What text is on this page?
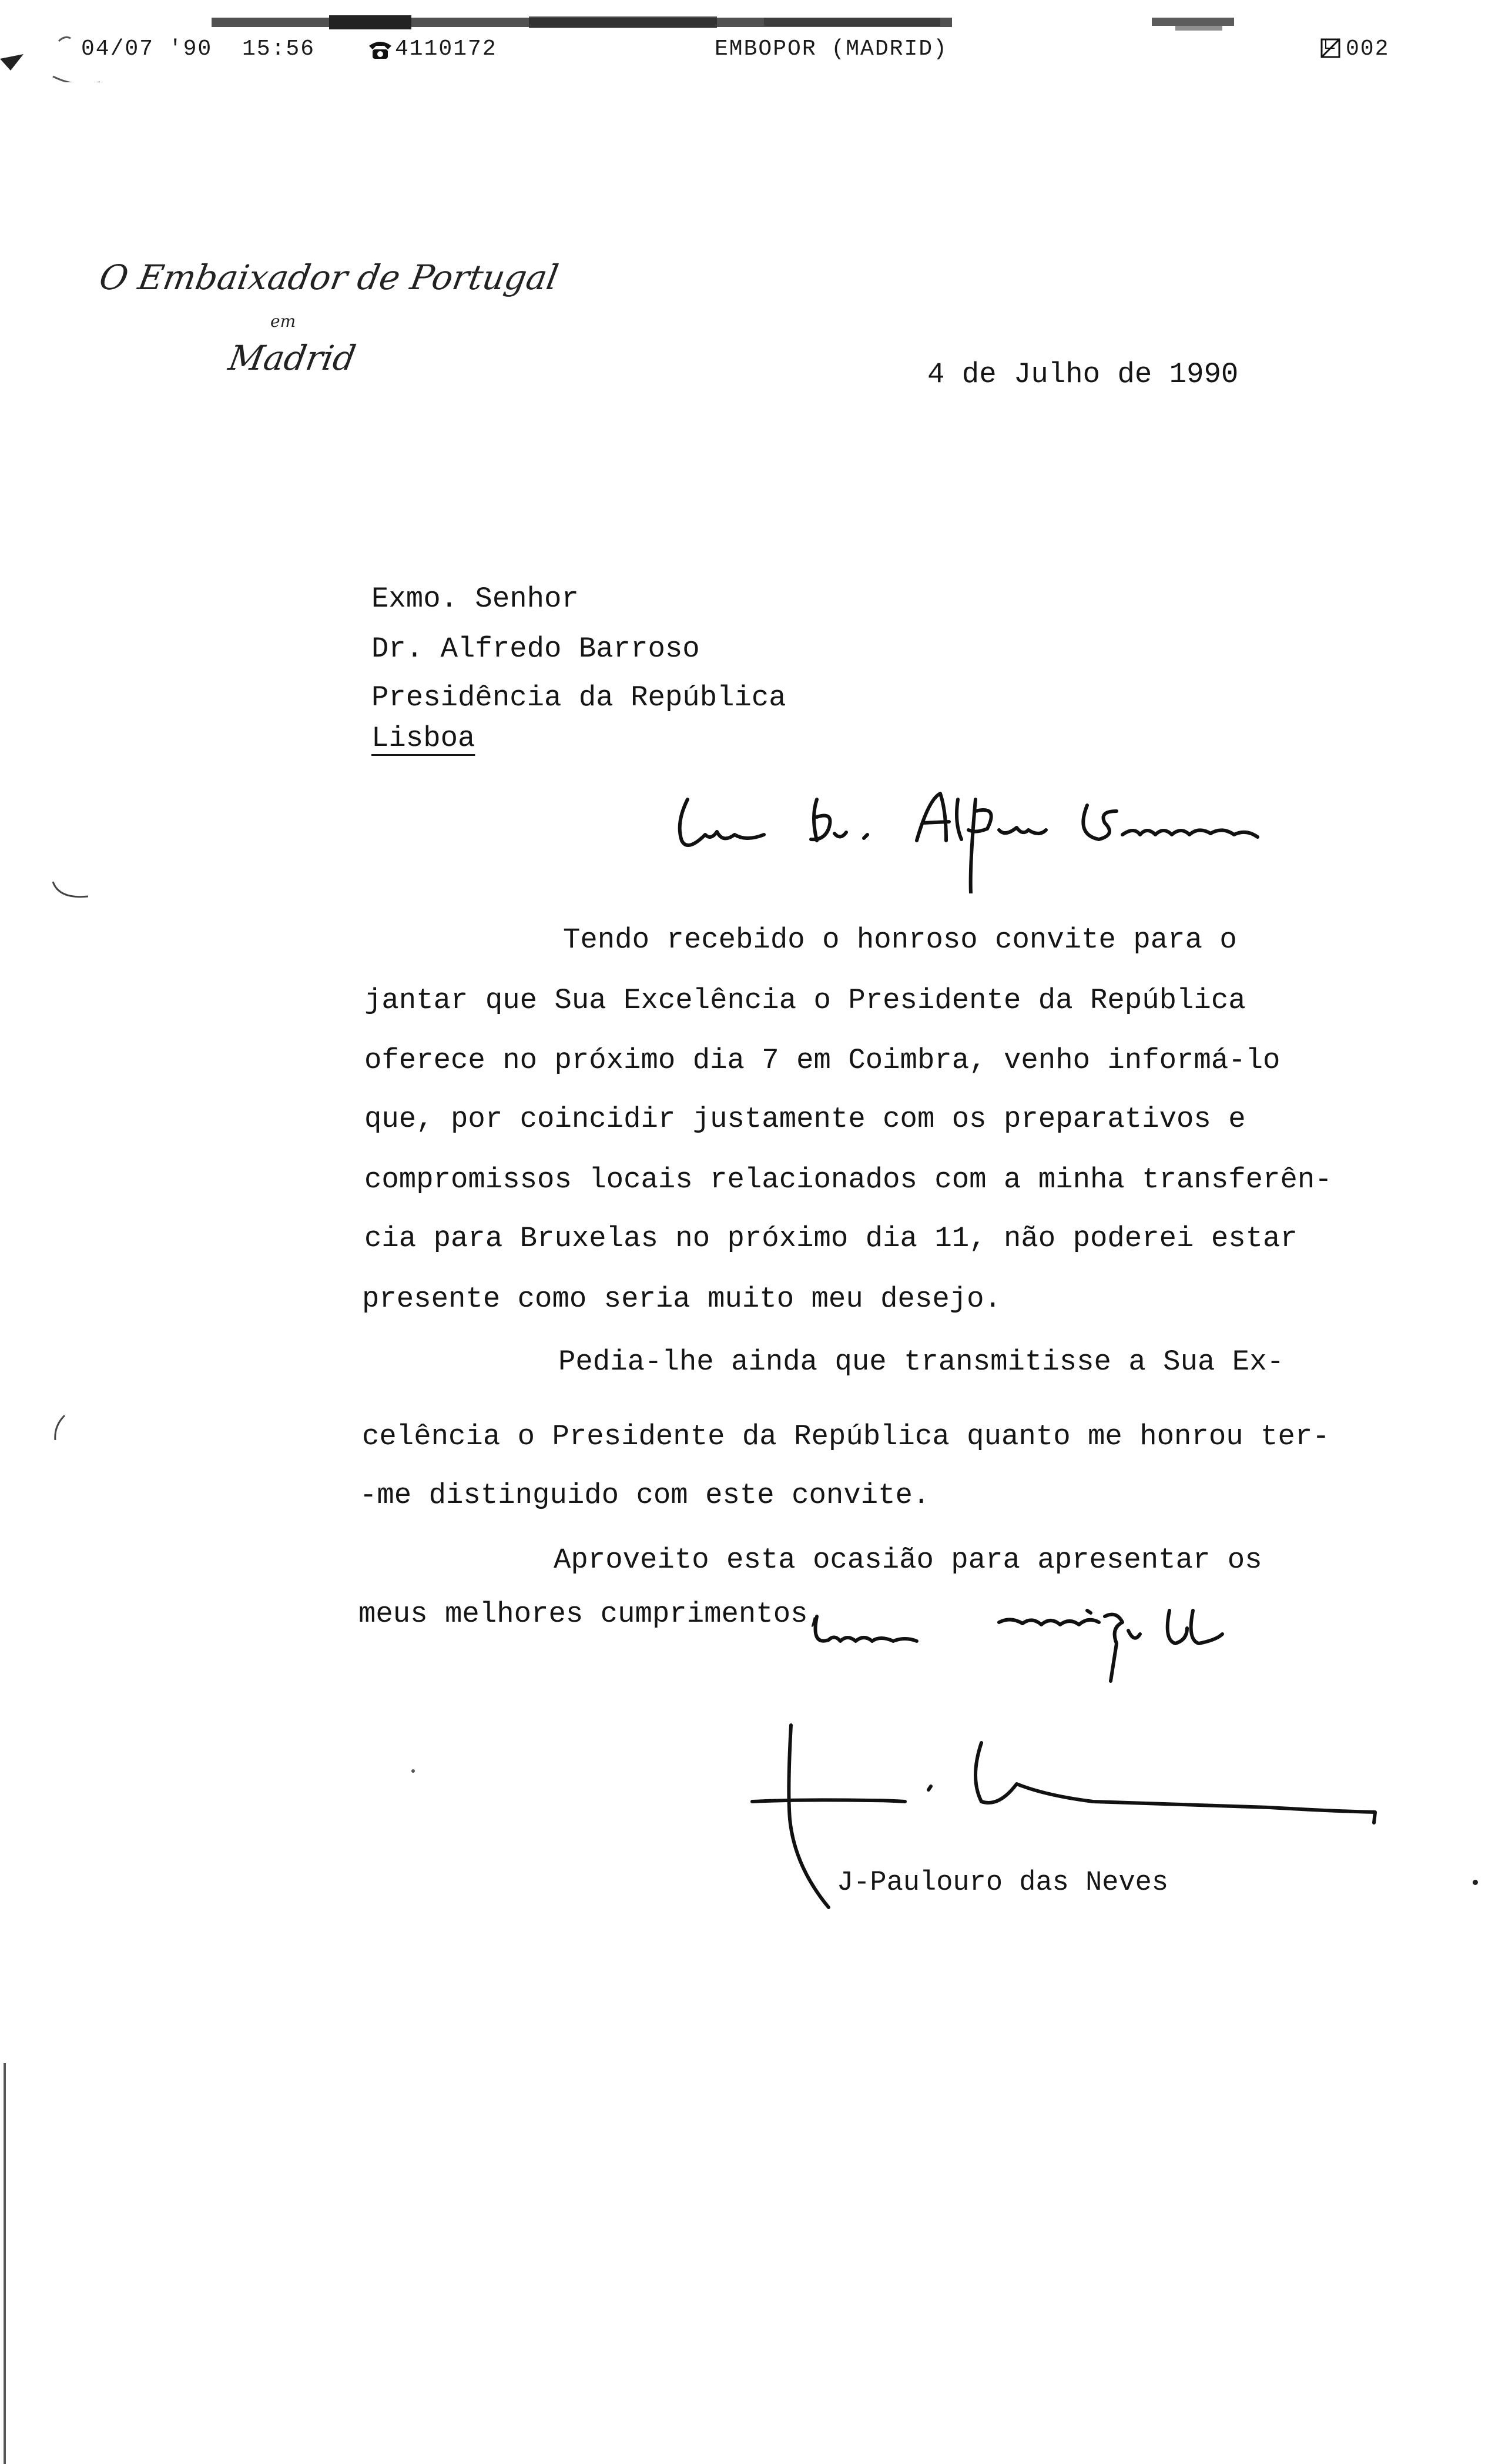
04/07 '90 15:56	4110172	EMBOPOR (MADRID)	002
O Embaixador de Portugal
em
Madrid	4 de Julho de 1990
Exmo. Senhor
Dr. Alfredo Barroso
Presidência da República
Lisboa
Tendo recebido o honroso convite para o
jantar que Sua Excelência o Presidente da República
oferece no próximo dia 7 em Coimbra, venho informá-lo
que, por coincidir justamente com os preparativos e
compromissos locais relacionados com a minha transferên-
cia para Bruxelas no próximo dia 11, não poderei estar
presente como seria muito meu desejo.
Pedia-lhe ainda que transmitisse a Sua Ex-
celência o Presidente da República quanto me honrou ter-
-me distinguido com este convite.
Aproveito esta ocasião para apresentar os
meus melhores cumprimentos,
J-Paulouro das Neves
